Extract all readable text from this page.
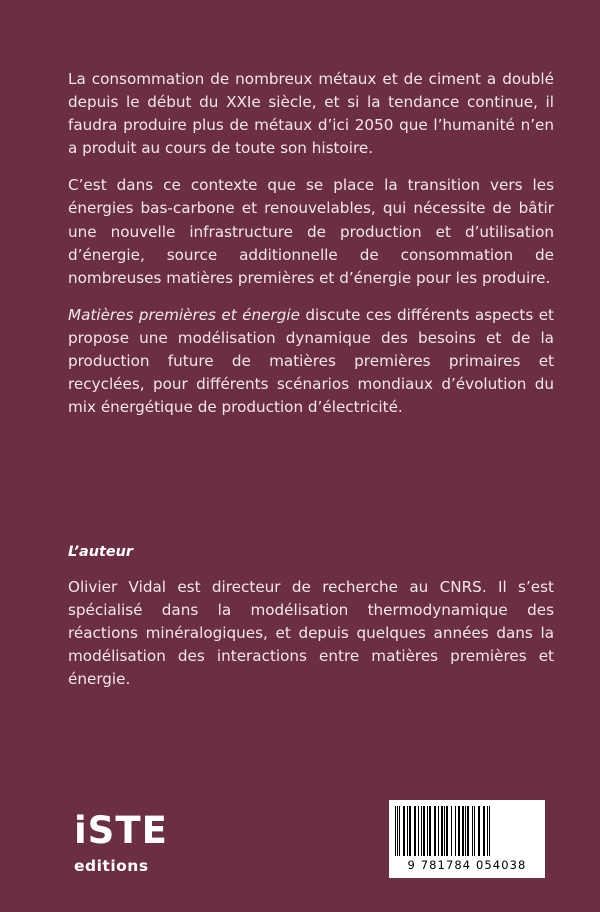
La consommation de nombreux métaux et de ciment a doublé depuis le début du XXIe siècle, et si la tendance continue, il faudra produire plus de métaux d’ici 2050 que l’humanité n’en a produit au cours de toute son histoire.

C’est dans ce contexte que se place la transition vers les énergies bas-carbone et renouvelables, qui nécessite de bâtir une nouvelle infrastructure de production et d’utilisation d’énergie, source additionnelle de consommation de nombreuses matières premières et d’énergie pour les produire.

Matières premières et énergie discute ces différents aspects et propose une modélisation dynamique des besoins et de la production future de matières premières primaires et recyclées, pour différents scénarios mondiaux d’évolution du mix énergétique de production d’électricité.

L’auteur

Olivier Vidal est directeur de recherche au CNRS. Il s’est spécialisé dans la modélisation thermodynamique des réactions minéralogiques, et depuis quelques années dans la modélisation des interactions entre matières premières et énergie.

iSTE
editions	9 781784 054038
